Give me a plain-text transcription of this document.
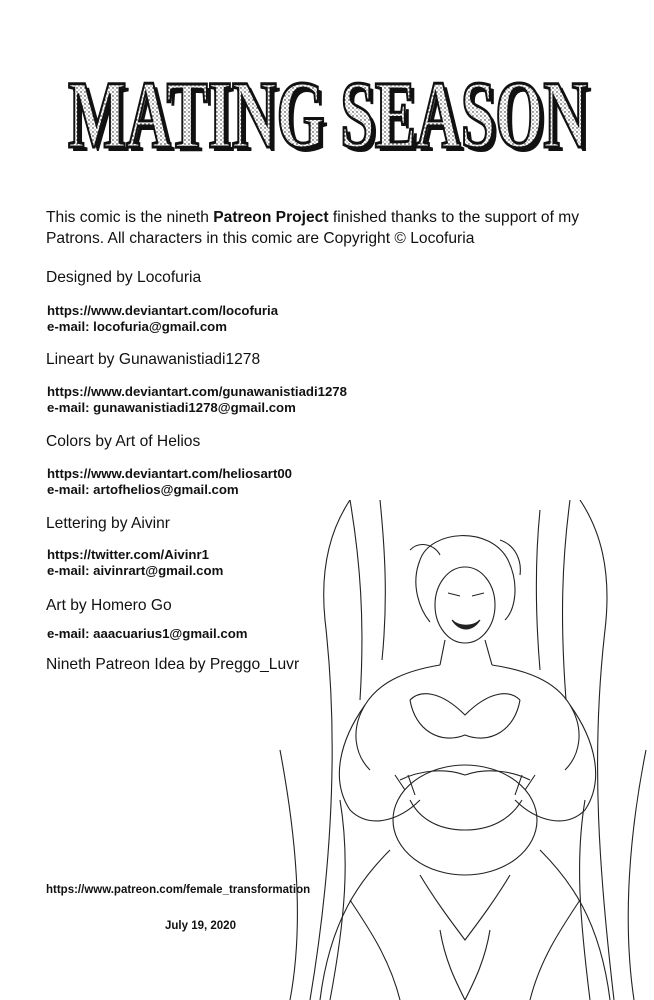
MATING SEASON
MATING SEASON
This comic is the nineth Patreon Project finished thanks to the support of my Patrons. All characters in this comic are Copyright © Locofuria
Designed by Locofuria
https://www.deviantart.com/locofuria
e-mail: locofuria@gmail.com
Lineart by Gunawanistiadi1278
https://www.deviantart.com/gunawanistiadi1278
e-mail: gunawanistiadi1278@gmail.com
Colors by Art of Helios
https://www.deviantart.com/heliosart00
e-mail: artofhelios@gmail.com
Lettering by Aivinr
https://twitter.com/Aivinr1
e-mail: aivinrart@gmail.com
Art by Homero Go
e-mail: aaacuarius1@gmail.com
Nineth Patreon Idea by Preggo_Luvr
https://www.patreon.com/female_transformation
July 19, 2020
